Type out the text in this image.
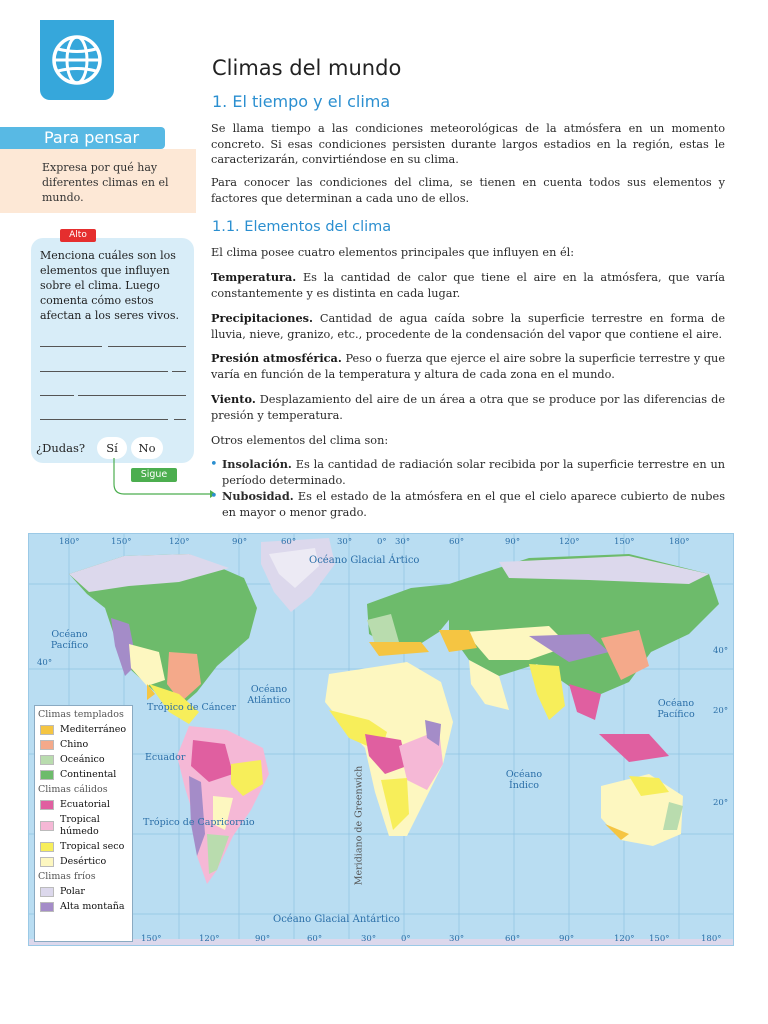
Para pensar
Expresa por qué hay diferentes climas en el mundo.
Alto
Menciona cuáles son los elementos que influyen sobre el clima. Luego comenta cómo estos afectan a los seres vivos.
¿Dudas?	Sí	No
Sigue
Climas del mundo
1. El tiempo y el clima
Se llama tiempo a las condiciones meteorológicas de la atmósfera en un momento concreto. Si esas condiciones persisten durante largos estadios en la región, estas le caracterizarán, convirtiéndose en su clima.
Para conocer las condiciones del clima, se tienen en cuenta todos sus elementos y factores que determinan a cada uno de ellos.
1.1. Elementos del clima
El clima posee cuatro elementos principales que influyen en él:
Temperatura. Es la cantidad de calor que tiene el aire en la atmósfera, que varía constantemente y es distinta en cada lugar.
Precipitaciones. Cantidad de agua caída sobre la superficie terrestre en forma de lluvia, nieve, granizo, etc., procedente de la condensación del vapor que contiene el aire.
Presión atmosférica. Peso o fuerza que ejerce el aire sobre la superficie terrestre y que varía en función de la temperatura y altura de cada zona en el mundo.
Viento. Desplazamiento del aire de un área a otra que se produce por las diferencias de presión y temperatura.
Otros elementos del clima son:
• Insolación. Es la cantidad de radiación solar recibida por la superficie terrestre en un período determinado.
• Nubosidad. Es el estado de la atmósfera en el que el cielo aparece cubierto de nubes en mayor o menor grado.
180°	150°	120°	90°	60°	30°	0° 30°	60°	90°	120°	150°	180°
150°	120°	90°	60°	30°	0°	30°	60°	90°	120° 150°	180°
40°
40°
20°
20°
Océano Glacial Ártico
Océano Pacífico
Océano Atlántico	Océano Pacífico
Océano Índico
Océano Glacial Antártico
Trópico de Cáncer
Trópico de Capricornio
Ecuador
Meridiano de Greenwich
Climas templados
Mediterráneo
Chino
Oceánico
Continental
Climas cálidos
Ecuatorial
Tropical húmedo
Tropical seco
Desértico
Climas fríos
Polar
Alta montaña
